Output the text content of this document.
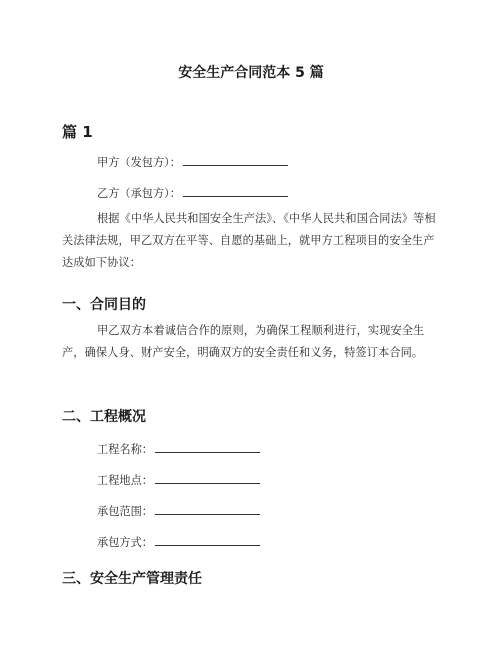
安全生产合同范本 5 篇
篇 1
甲方（发包方）：
乙方（承包方）：

根据《中华人民共和国安全生产法》、《中华人民共和国合同法》等相关法律法规，甲乙双方在平等、自愿的基础上，就甲方工程项目的安全生产达成如下协议：

一、合同目的

甲乙双方本着诚信合作的原则，为确保工程顺利进行，实现安全生产，确保人身、财产安全，明确双方的安全责任和义务，特签订本合同。

二、工程概况
工程名称：
工程地点：
承包范围：
承包方式：
三、安全生产管理责任
